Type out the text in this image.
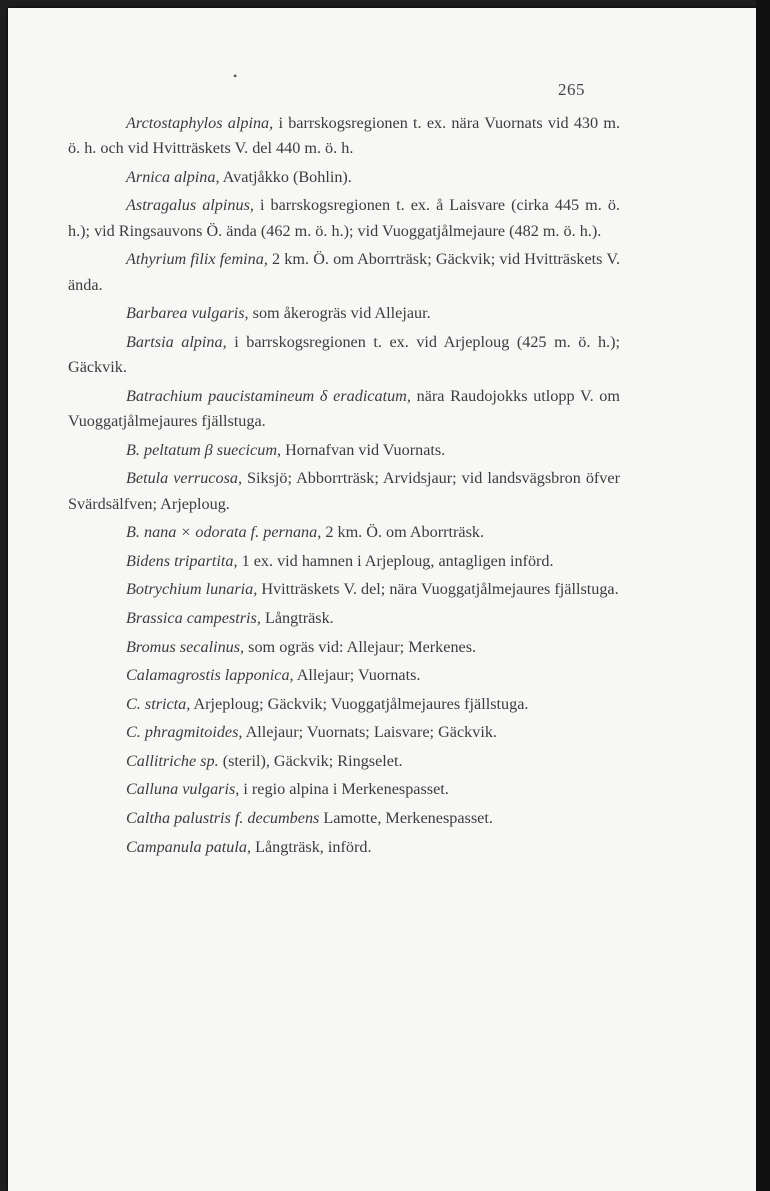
•
265

Arctostaphylos alpina, i barrskogsregionen t. ex. nära Vuornats vid 430 m. ö. h. och vid Hvitträskets V. del 440 m. ö. h.

Arnica alpina, Avatjåkko (Bohlin).

Astragalus alpinus, i barrskogsregionen t. ex. å Laisvare (cirka 445 m. ö. h.); vid Ringsauvons Ö. ända (462 m. ö. h.); vid Vuoggatjålmejaure (482 m. ö. h.).

Athyrium filix femina, 2 km. Ö. om Aborrträsk; Gäckvik; vid Hvitträskets V. ända.

Barbarea vulgaris, som åkerogräs vid Allejaur.

Bartsia alpina, i barrskogsregionen t. ex. vid Arjeploug (425 m. ö. h.); Gäckvik.

Batrachium paucistamineum δ eradicatum, nära Raudojokks utlopp V. om Vuoggatjålmejaures fjällstuga.

B. peltatum β suecicum, Hornafvan vid Vuornats.

Betula verrucosa, Siksjö; Abborrträsk; Arvidsjaur; vid landsvägsbron öfver Svärdsälfven; Arjeploug.

B. nana × odorata f. pernana, 2 km. Ö. om Aborrträsk.

Bidens tripartita, 1 ex. vid hamnen i Arjeploug, antagligen införd.

Botrychium lunaria, Hvitträskets V. del; nära Vuoggatjålmejaures fjällstuga.

Brassica campestris, Långträsk.

Bromus secalinus, som ogräs vid: Allejaur; Merkenes.

Calamagrostis lapponica, Allejaur; Vuornats.

C. stricta, Arjeploug; Gäckvik; Vuoggatjålmejaures fjällstuga.

C. phragmitoides, Allejaur; Vuornats; Laisvare; Gäckvik.

Callitriche sp. (steril), Gäckvik; Ringselet.

Calluna vulgaris, i regio alpina i Merkenespasset.

Caltha palustris f. decumbens Lamotte, Merkenespasset.

Campanula patula, Långträsk, införd.
